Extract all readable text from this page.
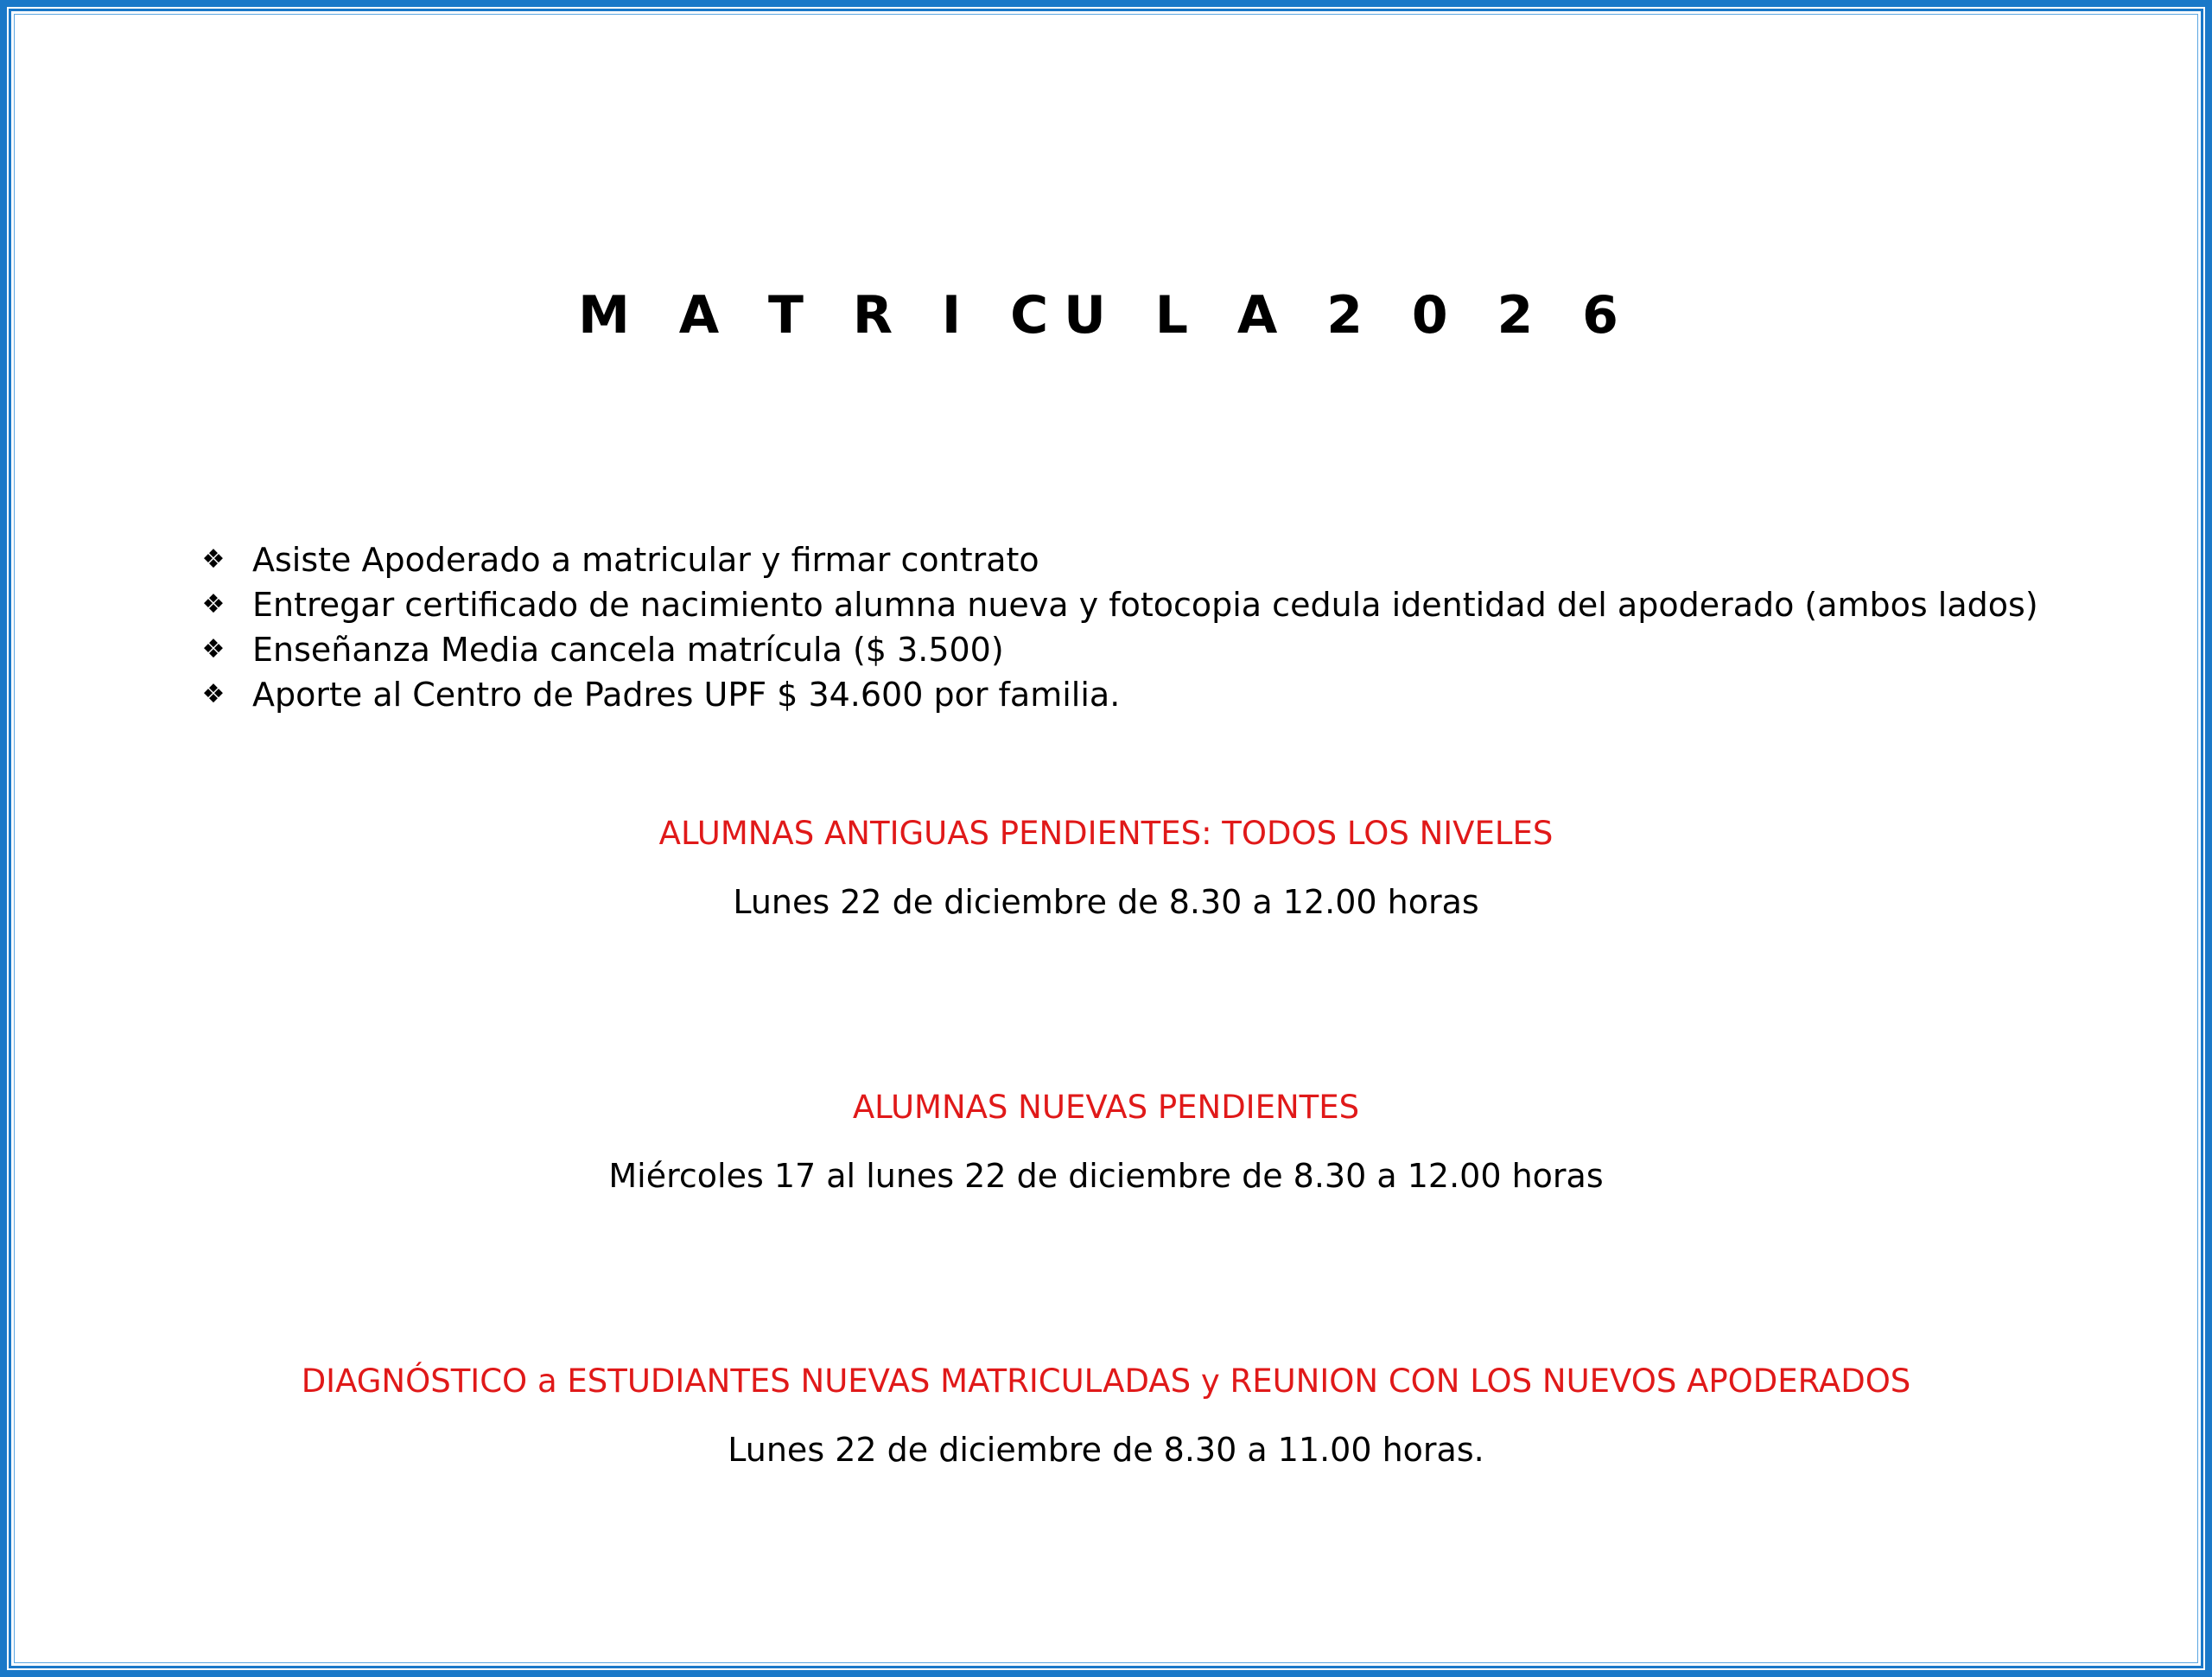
M A T R I CU L A 2 0 2 6
❖ Asiste Apoderado a matricular y firmar contrato
❖ Entregar certificado de nacimiento alumna nueva y fotocopia cedula identidad del apoderado (ambos lados)
❖ Enseñanza Media cancela matrícula ($ 3.500)
❖ Aporte al Centro de Padres UPF $ 34.600 por familia.
ALUMNAS ANTIGUAS PENDIENTES: TODOS LOS NIVELES

Lunes 22 de diciembre de 8.30 a 12.00 horas

ALUMNAS NUEVAS PENDIENTES

Miércoles 17 al lunes 22 de diciembre de 8.30 a 12.00 horas

DIAGNÓSTICO a ESTUDIANTES NUEVAS MATRICULADAS y REUNION CON LOS NUEVOS APODERADOS

Lunes 22 de diciembre de 8.30 a 11.00 horas.
